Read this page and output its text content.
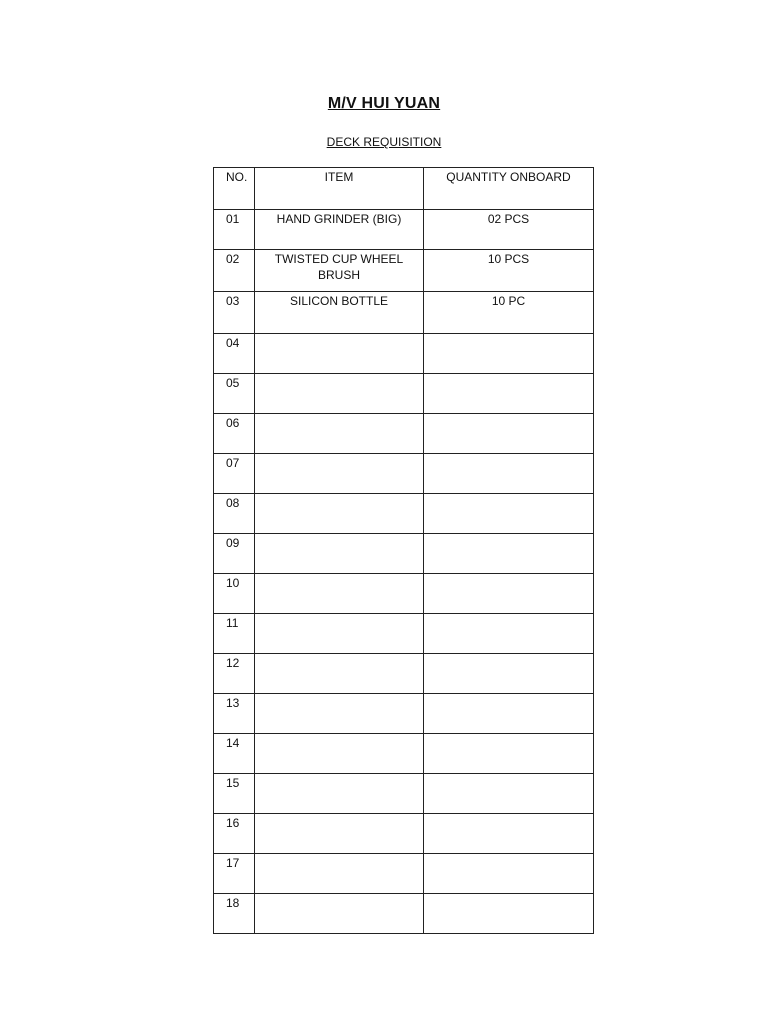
M/V HUI YUAN
DECK REQUISITION
NO.	ITEM	QUANTITY ONBOARD
01	HAND GRINDER (BIG)	02 PCS
02	TWISTED CUP WHEEL BRUSH	10 PCS
03	SILICON BOTTLE	10 PC
04	

05	

06	

07	

08	

09	

10	

11	

12	

13	

14	

15	

16	

17	

18	
